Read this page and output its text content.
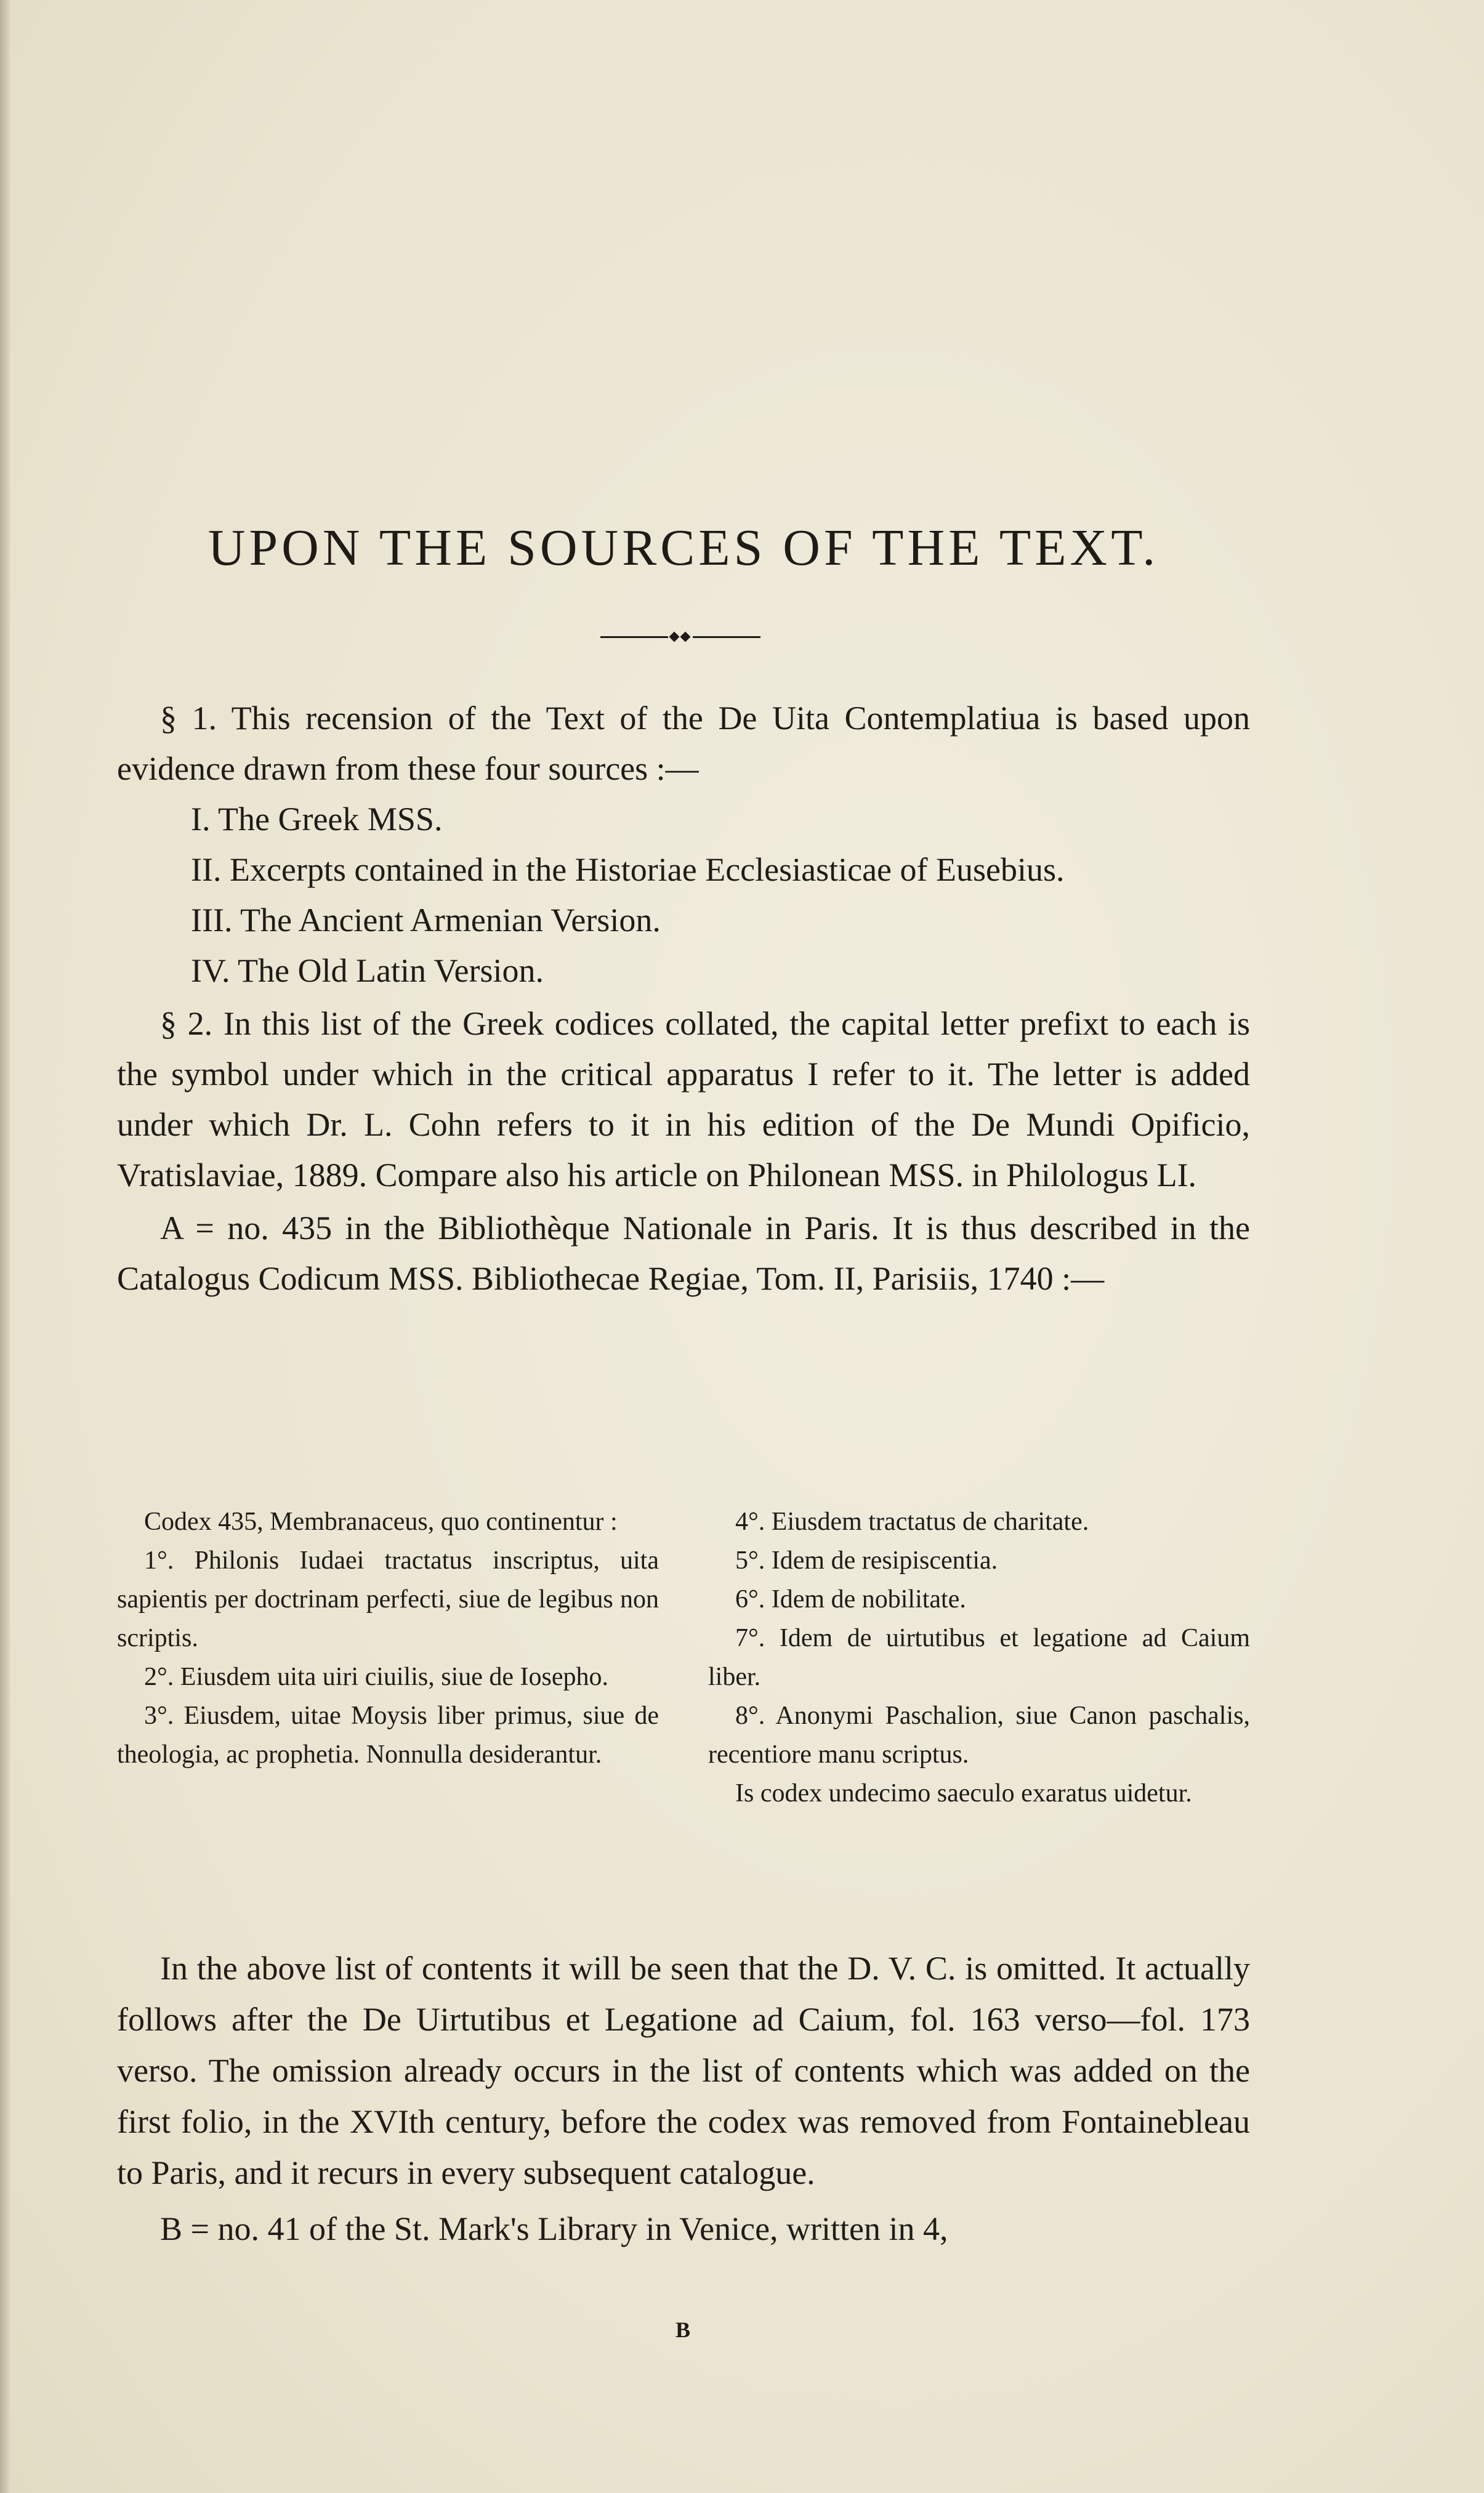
UPON THE SOURCES OF THE TEXT.

§ 1. This recension of the Text of the De Uita Contemplatiua is based upon evidence drawn from these four sources :—

I. The Greek MSS.

II. Excerpts contained in the Historiae Ecclesiasticae of Eusebius.

III. The Ancient Armenian Version.

IV. The Old Latin Version.

§ 2. In this list of the Greek codices collated, the capital letter prefixt to each is the symbol under which in the critical apparatus I refer to it. The letter is added under which Dr. L. Cohn refers to it in his edition of the De Mundi Opificio, Vratislaviae, 1889. Compare also his article on Philonean MSS. in Philologus LI.

A = no. 435 in the Bibliothèque Nationale in Paris. It is thus described in the Catalogus Codicum MSS. Bibliothecae Regiae, Tom. II, Parisiis, 1740 :—

Codex 435, Membranaceus, quo continentur :

1°. Philonis Iudaei tractatus inscriptus, uita sapientis per doctrinam perfecti, siue de legibus non scriptis.

2°. Eiusdem uita uiri ciuilis, siue de Iosepho.

3°. Eiusdem, uitae Moysis liber primus, siue de theologia, ac prophetia. Nonnulla desiderantur.

4°. Eiusdem tractatus de charitate.

5°. Idem de resipiscentia.

6°. Idem de nobilitate.

7°. Idem de uirtutibus et legatione ad Caium liber.

8°. Anonymi Paschalion, siue Canon paschalis, recentiore manu scriptus.

Is codex undecimo saeculo exaratus uidetur.

In the above list of contents it will be seen that the D. V. C. is omitted. It actually follows after the De Uirtutibus et Legatione ad Caium, fol. 163 verso—fol. 173 verso. The omission already occurs in the list of contents which was added on the first folio, in the XVIth century, before the codex was removed from Fontainebleau to Paris, and it recurs in every subsequent catalogue.

B = no. 41 of the St. Mark's Library in Venice, written in 4,

B
